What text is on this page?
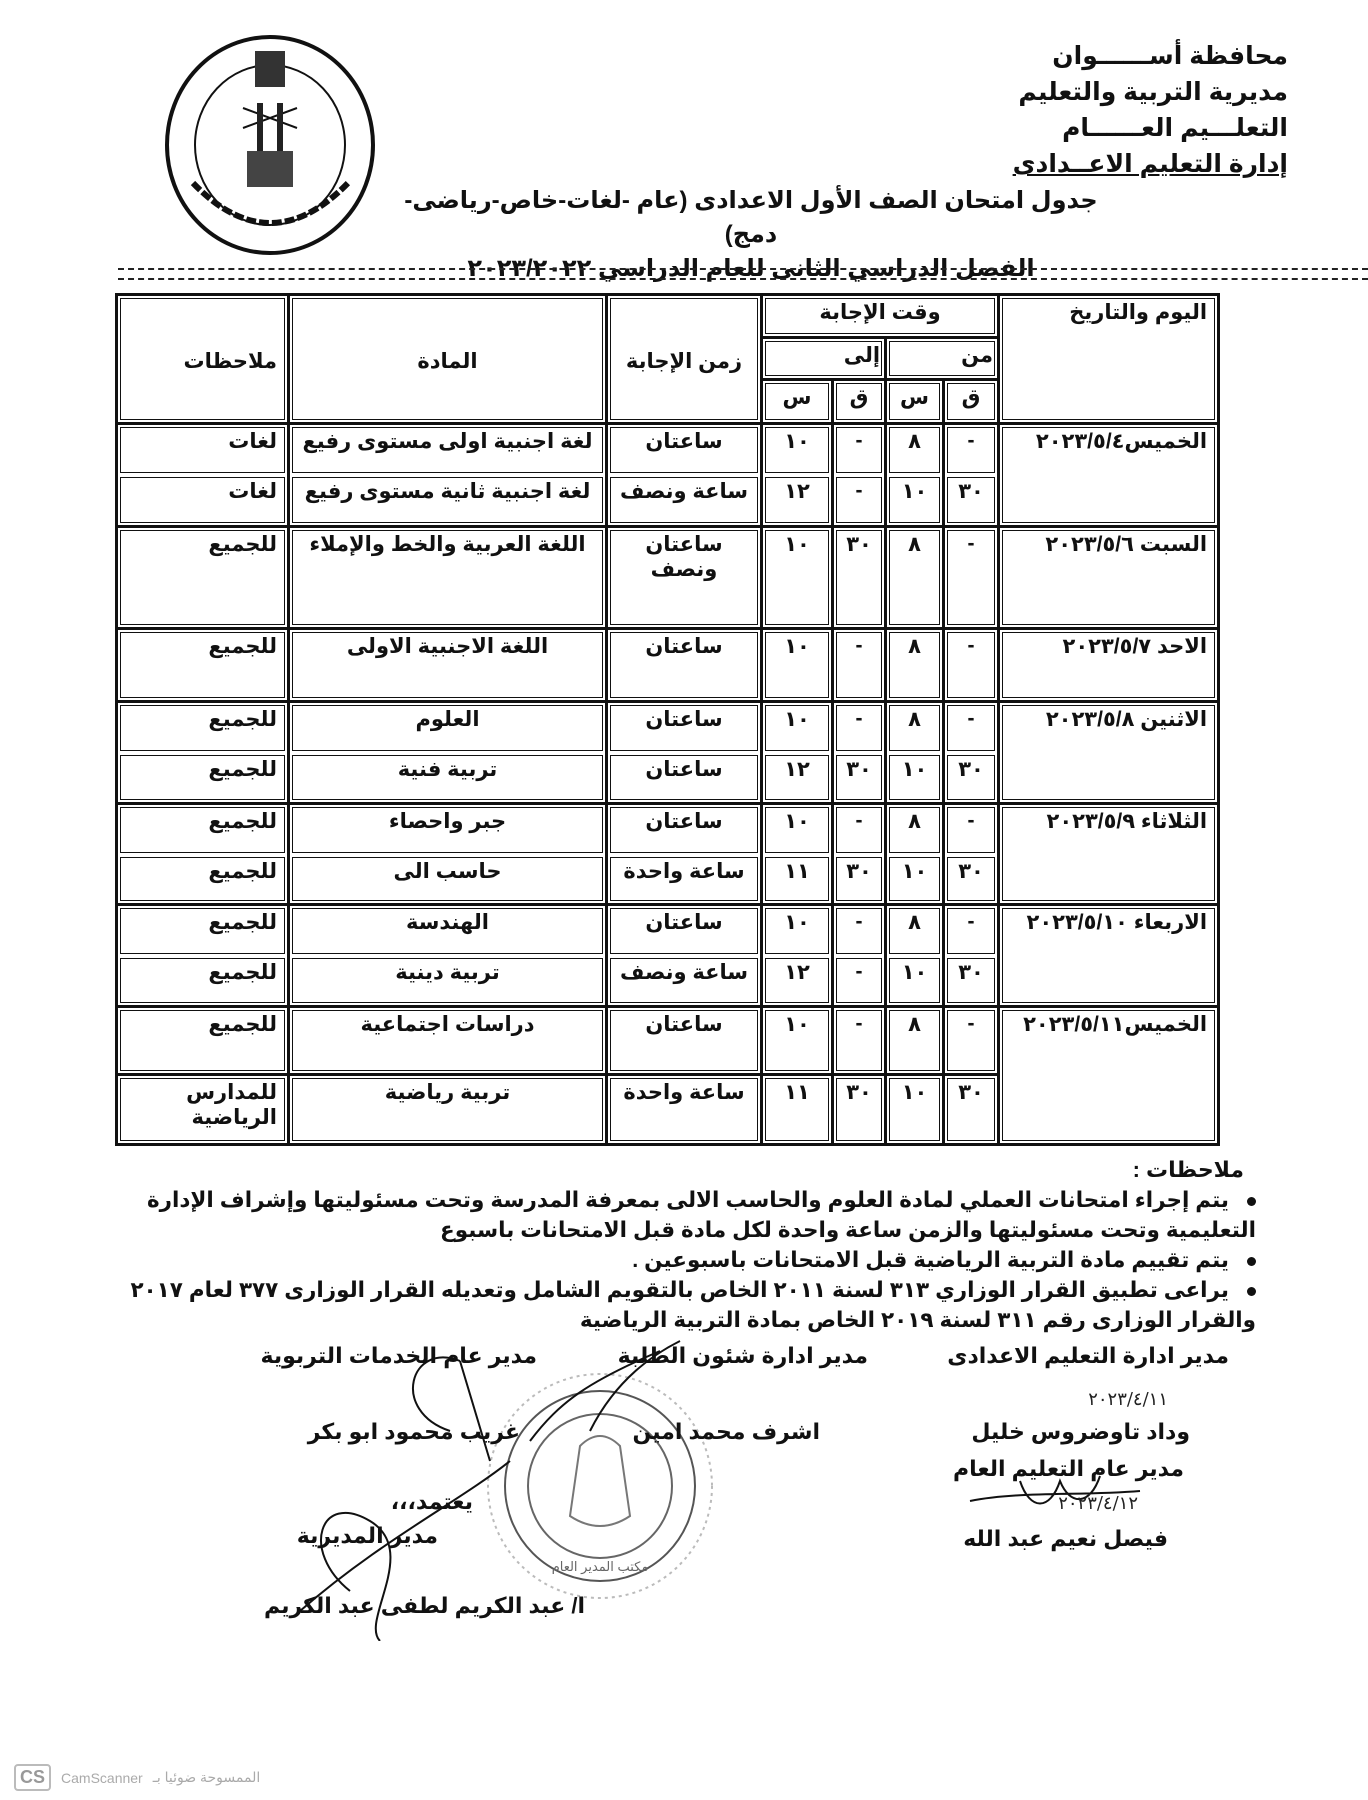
محافظة أســــــوان
مديرية التربية والتعليم
التعلـــيم العــــــام
إدارة التعليم الاعــدادى
جدول امتحان الصف الأول الاعدادى (عام -لغات-خاص-رياضى- دمج)
الفصل الدراسي الثانى للعام الدراسي ٢٠٢٣/٢٠٢٢
اليوم والتاريخ	وقت الإجابة				زمن الإجابة	المادة	ملاحظات
	من		إلى				
	ق	س	ق	س			
الخميس٢٠٢٣/٥/٤	-	٨	-	١٠	ساعتان	لغة اجنبية اولى مستوى رفيع	لغات
	٣٠	١٠	-	١٢	ساعة ونصف	لغة اجنبية ثانية مستوى رفيع	لغات
السبت ٢٠٢٣/٥/٦	-	٨	٣٠	١٠	ساعتان ونصف	اللغة العربية والخط والإملاء	للجميع
الاحد ٢٠٢٣/٥/٧	-	٨	-	١٠	ساعتان	اللغة الاجنبية الاولى	للجميع
الاثنين ٢٠٢٣/٥/٨	-	٨	-	١٠	ساعتان	العلوم	للجميع
	٣٠	١٠	٣٠	١٢	ساعتان	تربية فنية	للجميع
الثلاثاء ٢٠٢٣/٥/٩	-	٨	-	١٠	ساعتان	جبر واحصاء	للجميع
	٣٠	١٠	٣٠	١١	ساعة واحدة	حاسب الى	للجميع
الاربعاء ٢٠٢٣/٥/١٠	-	٨	-	١٠	ساعتان	الهندسة	للجميع
	٣٠	١٠	-	١٢	ساعة ونصف	تربية دينية	للجميع
الخميس٢٠٢٣/٥/١١	-	٨	-	١٠	ساعتان	دراسات اجتماعية	للجميع
	٣٠	١٠	٣٠	١١	ساعة واحدة	تربية رياضية	للمدارس الرياضية
ملاحظات :
يتم إجراء امتحانات العملي لمادة العلوم والحاسب الالى بمعرفة المدرسة وتحت مسئوليتها وإشراف الإدارة التعليمية وتحت مسئوليتها والزمن ساعة واحدة لكل مادة قبل الامتحانات باسبوع
يتم تقييم مادة التربية الرياضية قبل الامتحانات باسبوعين .
يراعى تطبيق القرار الوزاري ٣١٣ لسنة ٢٠١١ الخاص بالتقويم الشامل وتعديله القرار الوزارى ٣٧٧ لعام ٢٠١٧ والقرار الوزارى رقم ٣١١ لسنة ٢٠١٩ الخاص بمادة التربية الرياضية
مكتب المدير العام
مدير ادارة التعليم الاعدادى
٢٠٢٣/٤/١١
وداد تاوضروس خليل
مدير عام التعليم العام
٢٠٢٣/٤/١٢
فيصل نعيم عبد الله
مدير ادارة شئون الطلبة
اشرف محمد امين
مدير عام الخدمات التربوية
غريب محمود ابو بكر
يعتمد،،،
مدير المديرية
ا/ عبد الكريم لطفى عبد الكريم
CS	CamScanner الممسوحة ضوئيا بـ
